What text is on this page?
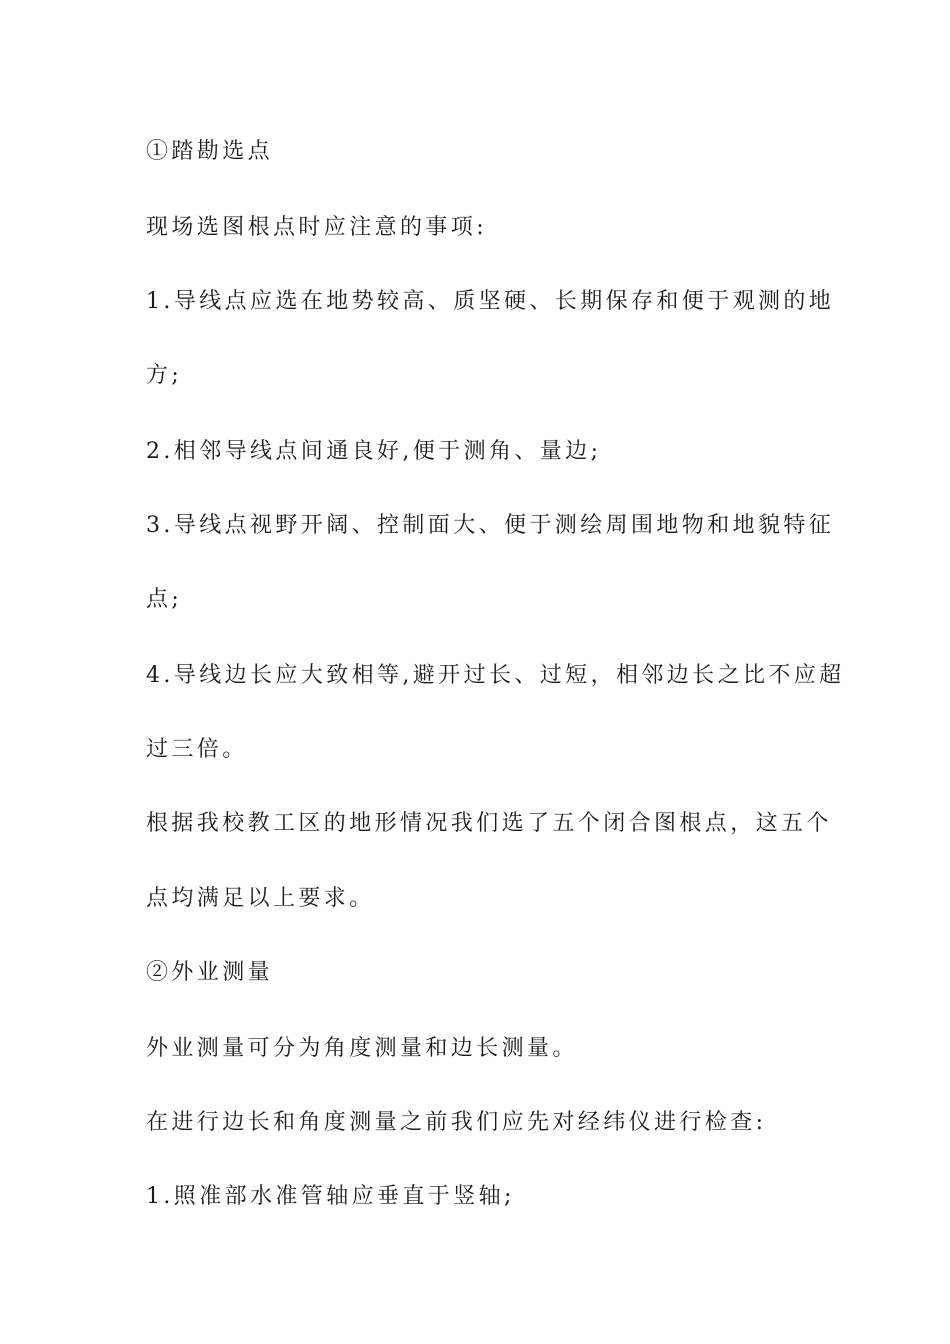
①踏勘选点
现场选图根点时应注意的事项:
1.导线点应选在地势较高、质坚硬、长期保存和便于观测的地
方;
2.相邻导线点间通良好,便于测角、量边;
3.导线点视野开阔、控制面大、便于测绘周围地物和地貌特征
点;
4.导线边长应大致相等,避开过长、过短，相邻边长之比不应超
过三倍。
根据我校教工区的地形情况我们选了五个闭合图根点，这五个
点均满足以上要求。
②外业测量
外业测量可分为角度测量和边长测量。
在进行边长和角度测量之前我们应先对经纬仪进行检查:
1.照准部水准管轴应垂直于竖轴;
